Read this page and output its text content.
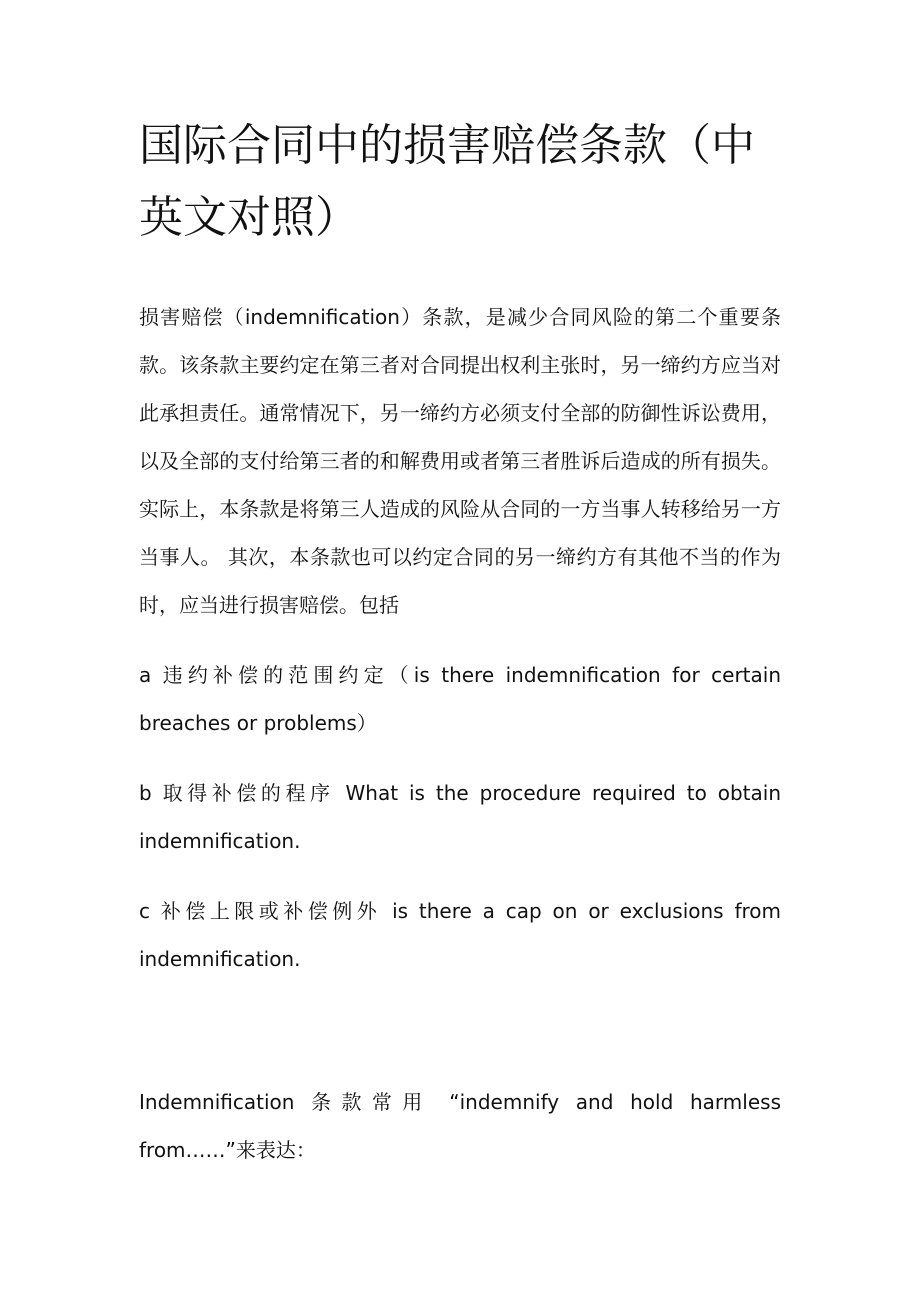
国际合同中的损害赔偿条款（中英文对照）

损害赔偿（indemnification）条款，是减少合同风险的第二个重要条款。该条款主要约定在第三者对合同提出权利主张时，另一缔约方应当对此承担责任。通常情况下，另一缔约方必须支付全部的防御性诉讼费用，以及全部的支付给第三者的和解费用或者第三者胜诉后造成的所有损失。实际上，本条款是将第三人造成的风险从合同的一方当事人转移给另一方当事人。 其次，本条款也可以约定合同的另一缔约方有其他不当的作为时，应当进行损害赔偿。包括

a 违约补偿的范围约定（is there indemnification for certain breaches or problems）

b 取得补偿的程序 What is the procedure required to obtain indemnification.

c 补偿上限或补偿例外 is there a cap on or exclusions from indemnification.

Indemnification 条款常用 “indemnify and hold harmless from……”来表达：
